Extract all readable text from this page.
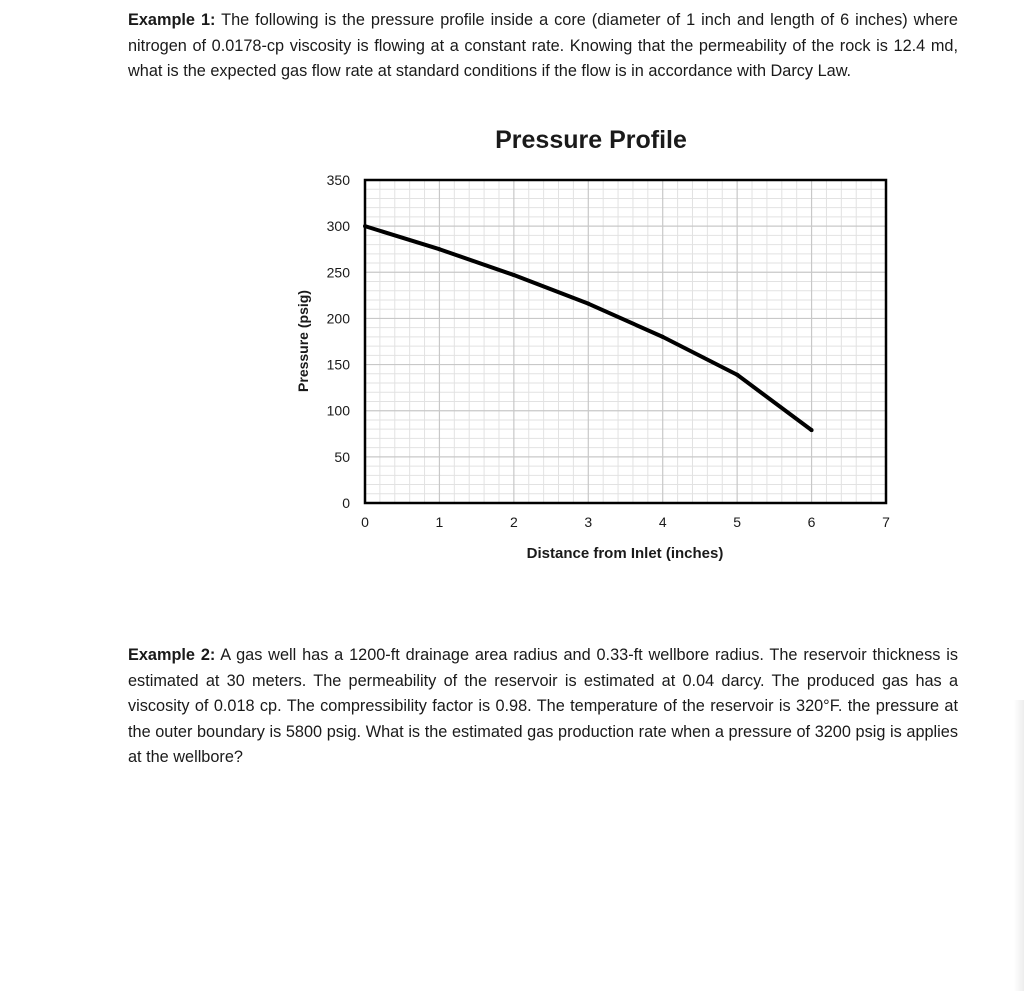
Example 1: The following is the pressure profile inside a core (diameter of 1 inch and length of 6 inches) where nitrogen of 0.0178-cp viscosity is flowing at a constant rate. Knowing that the permeability of the rock is 12.4 md, what is the expected gas flow rate at standard conditions if the flow is in accordance with Darcy Law.
Pressure Profile
0
50
100
150
200
250
300
350
0	1	2	3	4	5	6	7
Distance from Inlet (inches)
Pressure (psig)
Example 2: A gas well has a 1200-ft drainage area radius and 0.33-ft wellbore radius. The reservoir thickness is estimated at 30 meters. The permeability of the reservoir is estimated at 0.04 darcy. The produced gas has a viscosity of 0.018 cp. The compressibility factor is 0.98. The temperature of the reservoir is 320°F. the pressure at the outer boundary is 5800 psig. What is the estimated gas production rate when a pressure of 3200 psig is applies at the wellbore?
